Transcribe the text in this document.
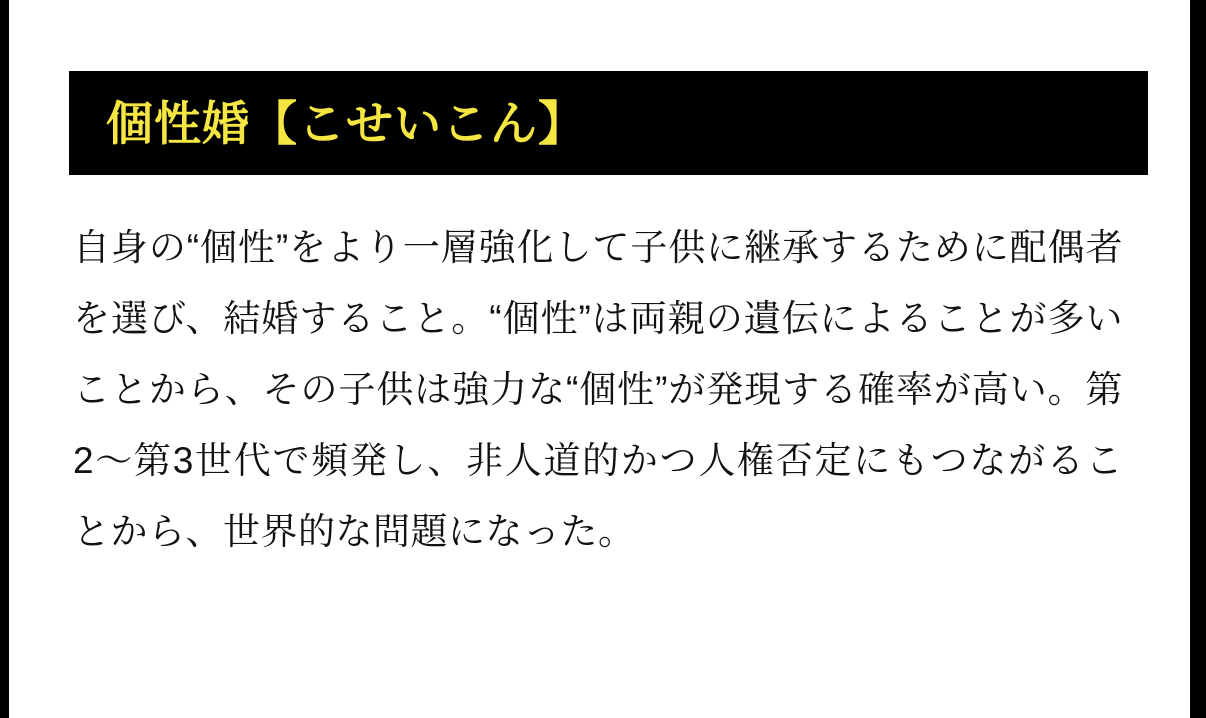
個性婚【こせいこん】
自身の“個性”をより一層強化して子供に継承するために配偶者を選び、結婚すること。“個性”は両親の遺伝によることが多いことから、その子供は強力な“個性”が発現する確率が高い。第2〜第3世代で頻発し、非人道的かつ人権否定にもつながることから、世界的な問題になった。
